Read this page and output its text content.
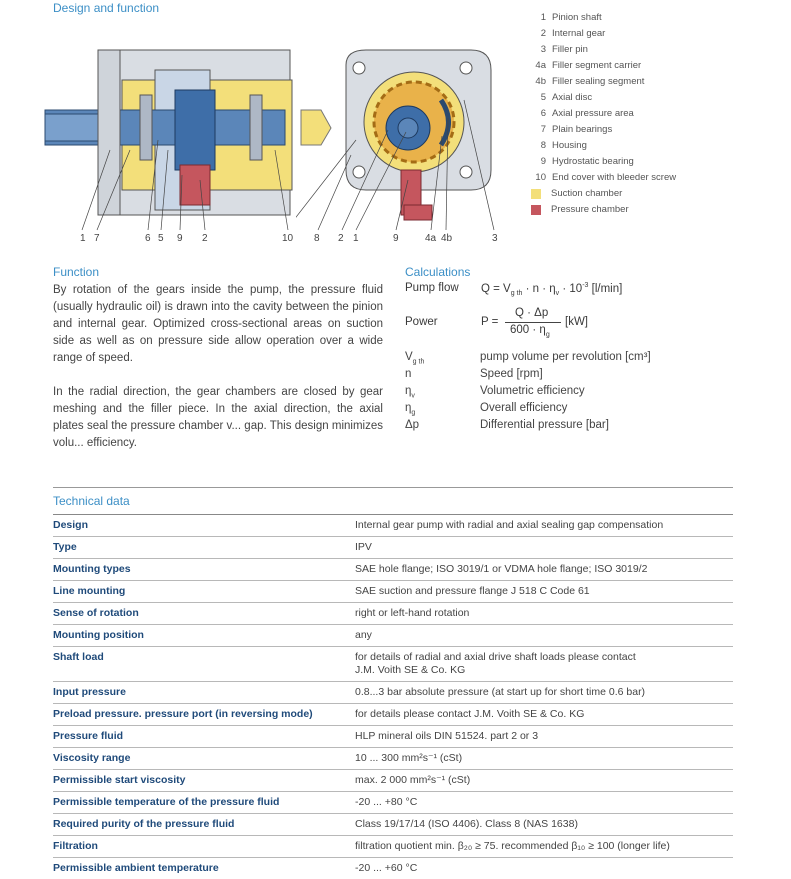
Design and function
1 7	6 5 9 2	10 8 2 1	9	4a 4b	3
1 Pinion shaft
2 Internal gear
3 Filler pin
4a Filler segment carrier
4b Filler sealing segment
5 Axial disc
6 Axial pressure area
7 Plain bearings
8 Housing
9 Hydrostatic bearing
10 End cover with bleeder screw
Suction chamber
Pressure chamber
Function

By rotation of the gears inside the pump, the pressure fluid (usually hydraulic oil) is drawn into the cavity between the pinion and internal gear. Optimized cross-sectional areas on suction side as well as on pressure side allow operation over a wide range of speed.

In the radial direction, the gear chambers are closed by gear meshing and the filler piece. In the axial direction, the axial plates seal the pressure chamber v... gap. This design minimizes volu... efficiency.

Calculations
Pump flow $Q = V_{g th} \cdot n \cdot \eta_v \cdot 10^{-3}$ [l/min]
Power	P =
Q · Δp
$600 \cdot \eta_g$
[kW]
$V_{g th}$	pump volume per revolution [cm³]
n	Speed [rpm]
$\eta_v$	Volumetric efficiency
$\eta_g$	Overall efficiency
Δp	Differential pressure [bar]
Technical data
Design	Internal gear pump with radial and axial sealing gap compensation
Type	IPV
Mounting types	SAE hole flange; ISO 3019/1 or VDMA hole flange; ISO 3019/2
Line mounting	SAE suction and pressure flange J 518 C Code 61
Sense of rotation	right or left-hand rotation
Mounting position	any
Shaft load	for details of radial and axial drive shaft loads please contact
J.M. Voith SE & Co. KG
Input pressure	0.8...3 bar absolute pressure (at start up for short time 0.6 bar)
Preload pressure. pressure port (in reversing mode)	for details please contact J.M. Voith SE & Co. KG
Pressure fluid	HLP mineral oils DIN 51524. part 2 or 3
Viscosity range	10 ... 300 mm²s⁻¹ (cSt)
Permissible start viscosity	max. 2 000 mm²s⁻¹ (cSt)
Permissible temperature of the pressure fluid	-20 ... +80 °C
Required purity of the pressure fluid	Class 19/17/14 (ISO 4406). Class 8 (NAS 1638)
Filtration	filtration quotient min. β₂₀ ≥ 75. recommended β₁₀ ≥ 100 (longer life)
Permissible ambient temperature	-20 ... +60 °C
